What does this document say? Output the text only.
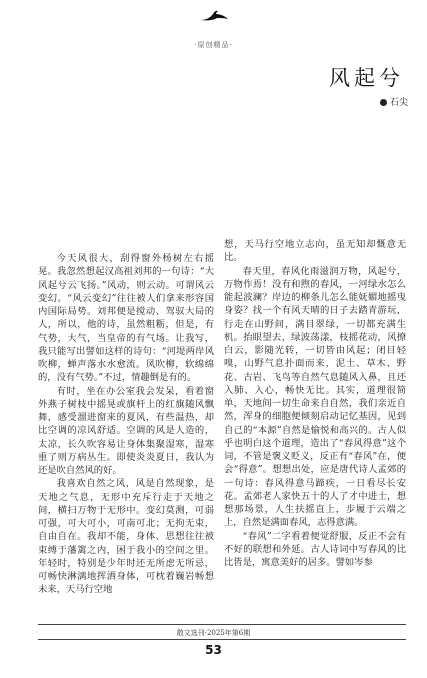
·原创精品·
风起兮
石尖

今天风很大，刮得窗外杨树左右摇晃。我忽然想起汉高祖刘邦的一句诗：“大风起兮云飞扬。”风动，则云动。可谓风云变幻。“风云变幻”往往被人们拿来形容国内国际局势。刘邦便是搅动、驾驭大局的人，所以，他的诗，虽然粗粝，但是，有气势，大气，当皇帝的有气场。让我写，我只能写出譬如这样的诗句：“河堤两岸风吹柳，蝉声落水水愈流。风吹柳，软绵绵的，没有气势。”不过，情趣倒是有的。

有时，坐在办公室我会发呆，看着窗外燕子树枝中摇晃或旗杆上的红旗随风飘舞，感受溜进窗来的夏风，有些温热，却比空调的凉风舒适。空调的风是人造的，太凉，长久吹容易让身体集聚湿寒，湿寒重了则万病丛生。即使炎炎夏日，我认为还是吹自然风的好。

我喜欢自然之风，风是自然现象，是天地之气息，无形中充斥行走于天地之间，横扫万物于无形中。变幻莫测，可弱可强，可大可小，可南可北；无拘无束，自由自在。我却不能，身体、思想往往被束缚于藩篱之内，困于我小的空间之里。年轻时，特别是少年时还无所虑无所忌，可畅快淋漓地挥洒身体，可枕着巍岩畅想未来，天马行空地

想，天马行空地立志向，虽无知却慨意无比。

春天里，春风化雨滋润万物，风起兮，万物作焉！没有和煦的春风，一河绿水怎么能起波澜？岸边的柳条儿怎么能妩媚地摇曳身姿？找一个有风天晴的日子去踏青游玩，行走在山野间，满目翠绿，一切都充满生机。抬眼望去，绿波荡漾，枝摇花动，风撩白云，影随光转，一切皆由风起；闭目轻嗅，山野气息扑面而来，泥土、草木、野花、古岩、飞鸟等自然气息随风入鼻，且还入肺、入心，畅快无比。其实，道理很简单，天地间一切生命来自自然，我们亲近自然，浑身的细胞便倾刻启动记忆基因，见到自己的“本源”自然是愉悦和高兴的。古人似乎也明白这个道理，造出了“春风得意”这个词，不管是褒义贬义，反正有“春风”在，便会“得意”。想想出处，应是唐代诗人孟郊的一句诗：春风得意马蹄疾，一日看尽长安花。孟郊老人家快五十的人了才中进士，想想那场景，人生扶摇直上，步履于云端之上，自然是满面春风，志得意满。

“春风”二字看着便觉舒服，反正不会有不好的联想和外延。古人诗词中写春风的比比皆是，寓意美好的居多。譬如岑参

散文选刊·2025年第6期
53
